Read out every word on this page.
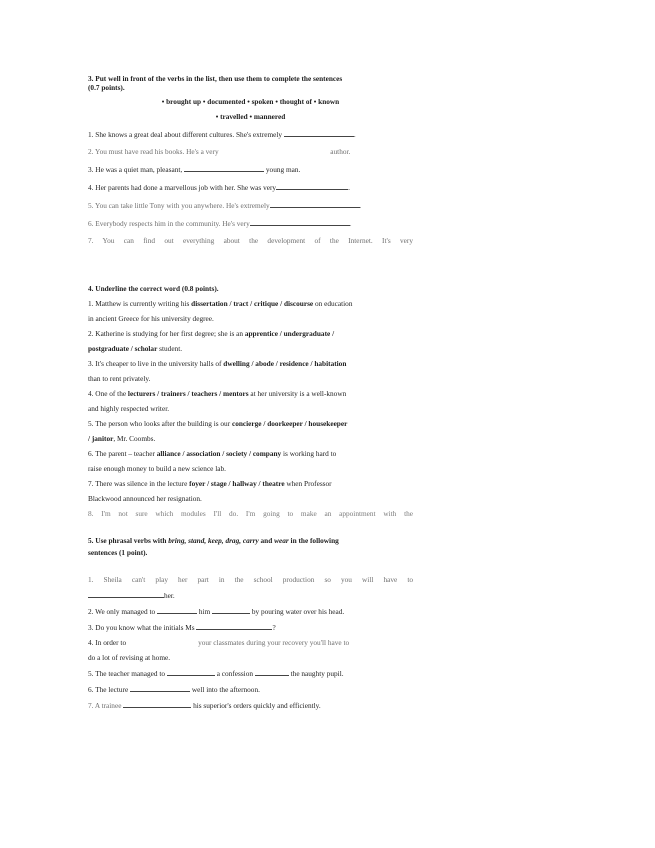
3. Put well in front of the verbs in the list, then use them to complete the sentences
(0.7 points).
• brought up • documented • spoken • thought of • known
• travelled • mannered
1. She knows a great deal about different cultures. She's extremely	.
2. You must have read his books. He's a very	author.
3. He was a quiet man, pleasant,	young man.
4. Her parents had done a marvellous job with her. She was very	.
5. You can take little Tony with you anywhere. He's extremely	.
6. Everybody respects him in the community. He's very	.
7. You can find out everything about the development of the Internet. It's very
4. Underline the correct word (0.8 points).
1. Matthew is currently writing his dissertation / tract / critique / discourse on education
in ancient Greece for his university degree.
2. Katherine is studying for her first degree; she is an apprentice / undergraduate /
postgraduate / scholar student.
3. It's cheaper to live in the university halls of dwelling / abode / residence / habitation
than to rent privately.
4. One of the lecturers / trainers / teachers / mentors at her university is a well-known
and highly respected writer.
5. The person who looks after the building is our concierge / doorkeeper / housekeeper
/ janitor, Mr. Coombs.
6. The parent – teacher alliance / association / society / company is working hard to
raise enough money to build a new science lab.
7. There was silence in the lecture foyer / stage / hallway / theatre when Professor
Blackwood announced her resignation.
8. I'm not sure which modules I'll do. I'm going to make an appointment with the
5. Use phrasal verbs with bring, stand, keep, drag, carry and wear in the following
sentences (1 point).
1. Sheila can't play her part in the school production so you will have to
her.
2. We only managed to	him	by pouring water over his head.
3. Do you know what the initials Ms	?
4. In order to	your classmates during your recovery you'll have to
do a lot of revising at home.
5. The teacher managed to	a confession	the naughty pupil.
6. The lecture	well into the afternoon.
7. A trainee	his superior's orders quickly and efficiently.
